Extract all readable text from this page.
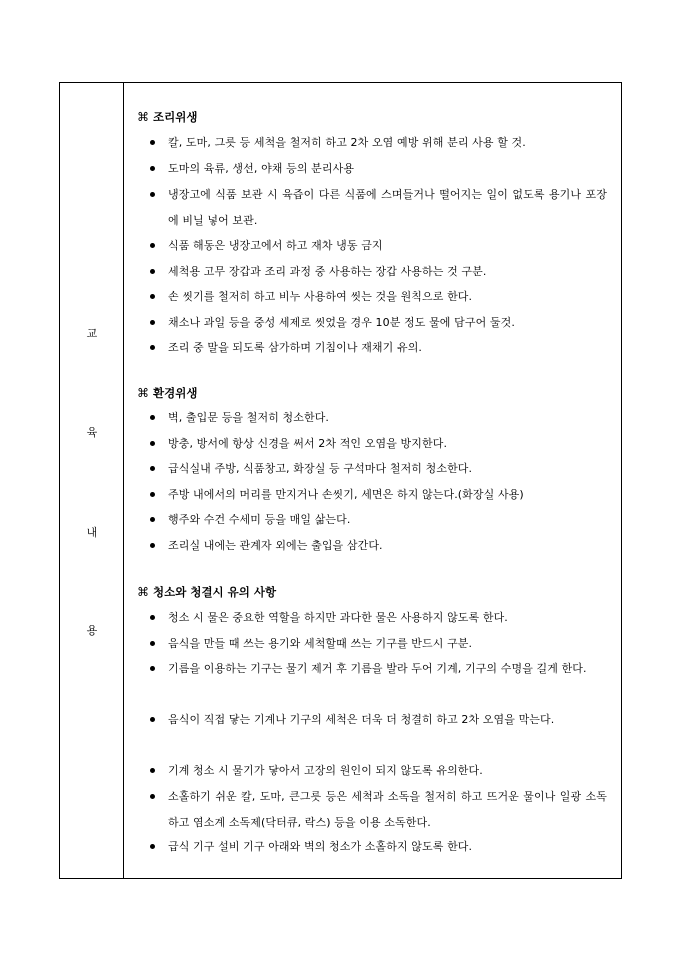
교
육
내
용
⌘ 조리위생
칼, 도마, 그릇 등 세척을 철저히 하고 2차 오염 예방 위해 분리 사용 할 것.
도마의 육류, 생선, 야채 등의 분리사용
냉장고에 식품 보관 시 육즙이 다른 식품에 스며들거나 떨어지는 일이 없도록 용기나 포장에 비닐 넣어 보관.
식품 해동은 냉장고에서 하고 재차 냉동 금지
세척용 고무 장갑과 조리 과정 중 사용하는 장갑 사용하는 것 구분.
손 씻기를 철저히 하고 비누 사용하여 씻는 것을 원칙으로 한다.
채소나 과일 등을 중성 세제로 씻었을 경우 10분 정도 물에 담구어 둘것.
조리 중 말을 되도록 삼가하며 기침이나 재채기 유의.
⌘ 환경위생
벽, 출입문 등을 철저히 청소한다.
방충, 방서에 항상 신경을 써서 2차 적인 오염을 방지한다.
급식실내 주방, 식품창고, 화장실 등 구석마다 철저히 청소한다.
주방 내에서의 머리를 만지거나 손씻기, 세면은 하지 않는다.(화장실 사용)
행주와 수건 수세미 등을 매일 삶는다.
조리실 내에는 관계자 외에는 출입을 삼간다.
⌘ 청소와 청결시 유의 사항
청소 시 물은 중요한 역할을 하지만 과다한 물은 사용하지 않도록 한다.
음식을 만들 때 쓰는 용기와 세척할때 쓰는 기구를 반드시 구분.
기름을 이용하는 기구는 물기 제거 후 기름을 발라 두어 기계, 기구의 수명을 길게 한다.
음식이 직접 닿는 기계나 기구의 세척은 더욱 더 청결히 하고 2차 오염을 막는다.
기계 청소 시 물기가 닿아서 고장의 원인이 되지 않도록 유의한다.
소홀하기 쉬운 칼, 도마, 큰그릇 등은 세척과 소독을 철저히 하고 뜨거운 물이나 일광 소독하고 염소계 소독제(닥터큐, 락스) 등을 이용 소독한다.
급식 기구 설비 기구 아래와 벽의 청소가 소홀하지 않도록 한다.
